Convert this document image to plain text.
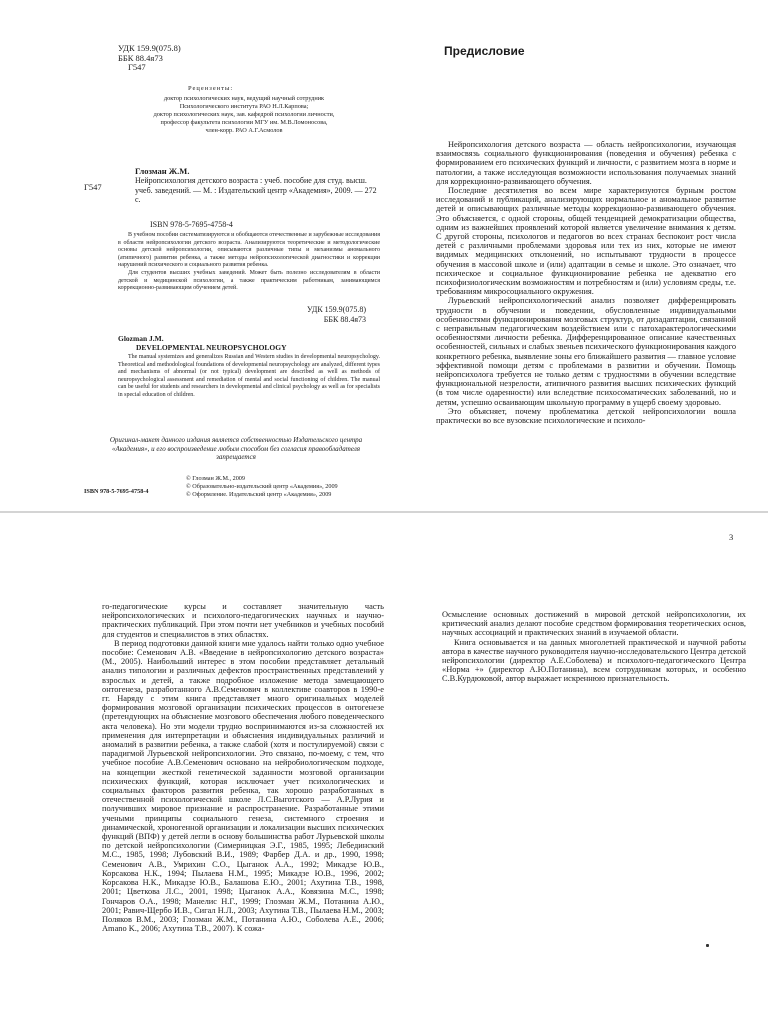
УДК 159.9(075.8)
ББК 88.4я73
Г547
Рецензенты:
доктор психологических наук, ведущий научный сотрудник
Психологического института РАО Н.Л.Карпова;
доктор психологических наук, зав. кафедрой психологии личности,
профессор факультета психологии МГУ им. М.В.Ломоносова,
член-корр. РАО А.Г.Асмолов
Глозман Ж.М.
Г547
Нейропсихология детского возраста : учеб. пособие для студ. высш. учеб. заведений. — М. : Издательский центр «Академия», 2009. — 272 с.
ISBN 978-5-7695-4758-4
В учебном пособии систематизируются и обобщаются отечественные и зарубежные исследования в области нейропсихологии детского возраста. Анализируются теоретические и методологические основы детской нейропсихологии, описываются различные типы и механизмы аномального (атипичного) развития ребенка, а также методы нейропсихологической диагностики и коррекции нарушений психического и социального развития ребенка.
Для студентов высших учебных заведений. Может быть полезно исследователям в области детской и медицинской психологии, а также практическим работникам, занимающимся коррекционно-развивающим обучением детей.
УДК 159.9(075.8)
ББК 88.4я73
Glozman J.M.
DEVELOPMENTAL NEUROPSYCHOLOGY
The manual systemizes and generalizes Russian and Western studies in developmental neuropsychology. Theoretical and methodological foundations of developmental neuropsychology are analyzed, different types and mechanisms of abnormal (or not typical) development are described as well as methods of neuropsychological assessment and remediation of mental and social functioning of children. The manual can be useful for students and researchers in developmental and clinical psychology as well as for specialists in special education of children.
Оригинал-макет данного издания является собственностью Издательского центра «Академия», и его воспроизведение любым способом без согласия правообладателя запрещается
ISBN 978-5-7695-4758-4
© Глозман Ж.М., 2009
© Образовательно-издательский центр «Академия», 2009
© Оформление. Издательский центр «Академия», 2009
Предисловие

Нейропсихология детского возраста — область нейропсихологии, изучающая взаимосвязь социального функционирования (поведения и обучения) ребенка с формированием его психических функций и личности, с развитием мозга в норме и патологии, а также исследующая возможности использования получаемых знаний для коррекционно-развивающего обучения.

Последние десятилетия во всем мире характеризуются бурным ростом исследований и публикаций, анализирующих нормальное и аномальное развитие детей и описывающих различные методы коррекционно-развивающего обучения. Это объясняется, с одной стороны, общей тенденцией демократизации общества, одним из важнейших проявлений которой является увеличение внимания к детям. С другой стороны, психологов и педагогов во всех странах беспокоит рост числа детей с различными проблемами здоровья или тех из них, которые не имеют видимых медицинских отклонений, но испытывают трудности в процессе обучения в массовой школе и (или) адаптации в семье и школе. Это означает, что психическое и социальное функционирование ребенка не адекватно его психофизиологическим возможностям и потребностям и (или) условиям среды, т.е. требованиям микросоциального окружения.

Лурьевский нейропсихологический анализ позволяет дифференцировать трудности в обучении и поведении, обусловленные индивидуальными особенностями функционирования мозговых структур, от дизадаптации, связанной с неправильным педагогическим воздействием или с патохарактерологическими особенностями личности ребенка. Дифференцированное описание качественных особенностей, сильных и слабых звеньев психического функционирования каждого конкретного ребенка, выявление зоны его ближайшего развития — главное условие эффективной помощи детям с проблемами в развитии и обучении. Помощь нейропсихолога требуется не только детям с трудностями в обучении вследствие функциональной незрелости, атипичного развития высших психических функций (в том числе одаренности) или вследствие психосоматических заболеваний, но и детям, успешно осваивающим школьную программу в ущерб своему здоровью.

Это объясняет, почему проблематика детской нейропсихологии вошла практически во все вузовские психологические и психоло-

3

го-педагогические курсы и составляет значительную часть нейропсихологических и психолого-педагогических научных и научно-практических публикаций. При этом почти нет учебников и учебных пособий для студентов и специалистов в этих областях.

В период подготовки данной книги мне удалось найти только одно учебное пособие: Семенович А.В. «Введение в нейропсихологию детского возраста» (М., 2005). Наибольший интерес в этом пособии представляет детальный анализ типологии и различных дефектов пространственных представлений у взрослых и детей, а также подробное изложение метода замещающего онтогенеза, разработанного А.В.Семенович в коллективе соавторов в 1990-е гг. Наряду с этим книга представляет много оригинальных моделей формирования мозговой организации психических процессов в онтогенезе (претендующих на объяснение мозгового обеспечения любого поведенческого акта человека). Но эти модели трудно воспринимаются из-за сложностей их применения для интерпретации и объяснения индивидуальных различий и аномалий в развитии ребенка, а также слабой (хотя и постулируемой) связи с парадигмой Лурьевской нейропсихологии. Это связано, по-моему, с тем, что учебное пособие А.В.Семенович основано на нейробиологическом подходе, на концепции жесткой генетической заданности мозговой организации психических функций, которая исключает учет психологических и социальных факторов развития ребенка, так хорошо разработанных в отечественной психологической школе Л.С.Выготского — А.Р.Лурия и получивших мировое признание и распространение. Разработанные этими учеными принципы социального генеза, системного строения и динамической, хроногенной организации и локализации высших психических функций (ВПФ) у детей легли в основу большинства работ Лурьевской школы по детской нейропсихологии (Симерницкая Э.Г., 1985, 1995; Лебединский М.С., 1985, 1998; Лубовский В.И., 1989; Фарбер Д.А. и др., 1990, 1998; Семенович А.В., Умрихин С.О., Цыганок А.А., 1992; Микадзе Ю.В., Корсакова Н.К., 1994; Пылаева Н.М., 1995; Микадзе Ю.В., 1996, 2002; Корсакова Н.К., Микадзе Ю.В., Балашова Е.Ю., 2001; Ахутина Т.В., 1998, 2001; Цветкова Л.С., 2001, 1998; Цыганок А.А., Ковязина М.С., 1998; Гончаров О.А., 1998; Манелис Н.Г., 1999; Глозман Ж.М., Потанина А.Ю., 2001; Равич-Щербо И.В., Сигал Н.Л., 2003; Ахутина Т.В., Пылаева Н.М., 2003; Поляков В.М., 2003; Глозман Ж.М., Потанина А.Ю., Соболева А.Е., 2006; Amano K., 2006; Ахутина Т.В., 2007). К сожа-

Осмысление основных достижений в мировой детской нейропсихологии, их критический анализ делают пособие средством формирования теоретических основ, научных ассоциаций и практических знаний в изучаемой области.

Книга основывается и на данных многолетней практической и научной работы автора в качестве научного руководителя научно-исследовательского Центра детской нейропсихологии (директор А.Е.Соболева) и психолого-педагогического Центра «Норма +» (директор А.Ю.Потанина), всем сотрудникам которых, и особенно С.В.Курдюковой, автор выражает искреннюю признательность.
